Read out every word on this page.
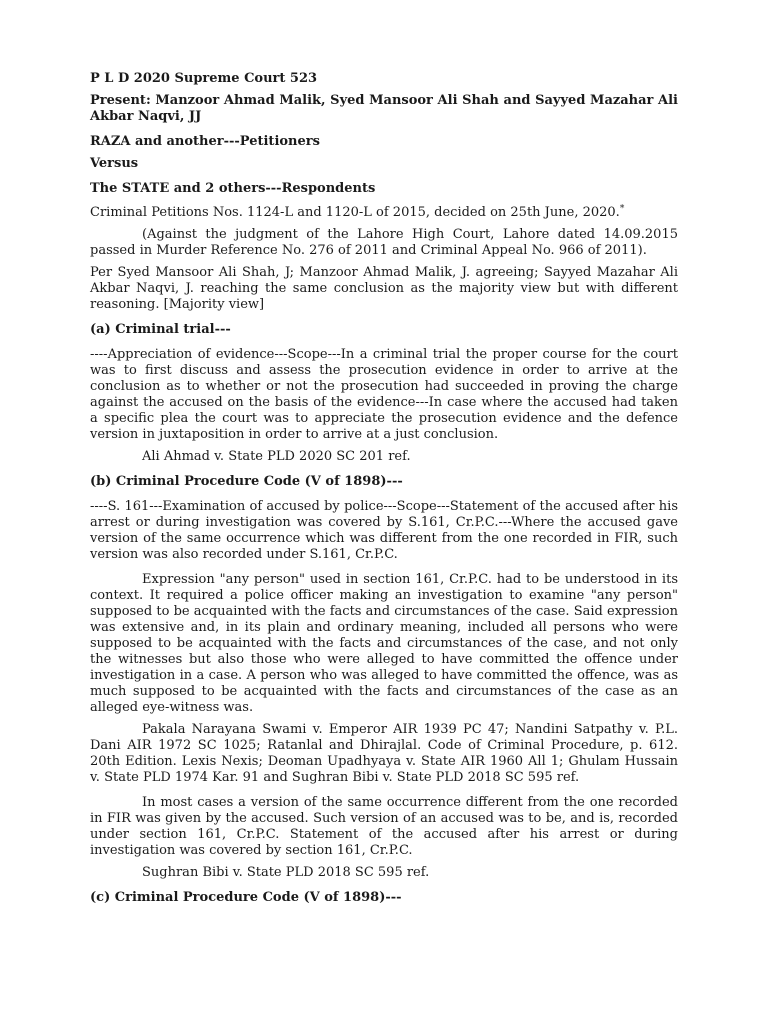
P L D 2020 Supreme Court 523

Present: Manzoor Ahmad Malik, Syed Mansoor Ali Shah and Sayyed Mazahar Ali Akbar Naqvi, JJ

RAZA and another---Petitioners

Versus

The STATE and 2 others---Respondents

Criminal Petitions Nos. 1124-L and 1120-L of 2015, decided on 25th June, 2020.*

(Against the judgment of the Lahore High Court, Lahore dated 14.09.2015 passed in Murder Reference No. 276 of 2011 and Criminal Appeal No. 966 of 2011).

Per Syed Mansoor Ali Shah, J; Manzoor Ahmad Malik, J. agreeing; Sayyed Mazahar Ali Akbar Naqvi, J. reaching the same conclusion as the majority view but with different reasoning. [Majority view]

(a) Criminal trial---

----Appreciation of evidence---Scope---In a criminal trial the proper course for the court was to first discuss and assess the prosecution evidence in order to arrive at the conclusion as to whether or not the prosecution had succeeded in proving the charge against the accused on the basis of the evidence---In case where the accused had taken a specific plea the court was to appreciate the prosecution evidence and the defence version in juxtaposition in order to arrive at a just conclusion.

Ali Ahmad v. State PLD 2020 SC 201 ref.

(b) Criminal Procedure Code (V of 1898)---

----S. 161---Examination of accused by police---Scope---Statement of the accused after his arrest or during investigation was covered by S.161, Cr.P.C.---Where the accused gave version of the same occurrence which was different from the one recorded in FIR, such version was also recorded under S.161, Cr.P.C.

Expression "any person" used in section 161, Cr.P.C. had to be understood in its context. It required a police officer making an investigation to examine "any person" supposed to be acquainted with the facts and circumstances of the case. Said expression was extensive and, in its plain and ordinary meaning, included all persons who were supposed to be acquainted with the facts and circumstances of the case, and not only the witnesses but also those who were alleged to have committed the offence under investigation in a case. A person who was alleged to have committed the offence, was as much supposed to be acquainted with the facts and circumstances of the case as an alleged eye-witness was.

Pakala Narayana Swami v. Emperor AIR 1939 PC 47; Nandini Satpathy v. P.L. Dani AIR 1972 SC 1025; Ratanlal and Dhirajlal. Code of Criminal Procedure, p. 612. 20th Edition. Lexis Nexis; Deoman Upadhyaya v. State AIR 1960 All 1; Ghulam Hussain v. State PLD 1974 Kar. 91 and Sughran Bibi v. State PLD 2018 SC 595 ref.

In most cases a version of the same occurrence different from the one recorded in FIR was given by the accused. Such version of an accused was to be, and is, recorded under section 161, Cr.P.C. Statement of the accused after his arrest or during investigation was covered by section 161, Cr.P.C.

Sughran Bibi v. State PLD 2018 SC 595 ref.

(c) Criminal Procedure Code (V of 1898)---
